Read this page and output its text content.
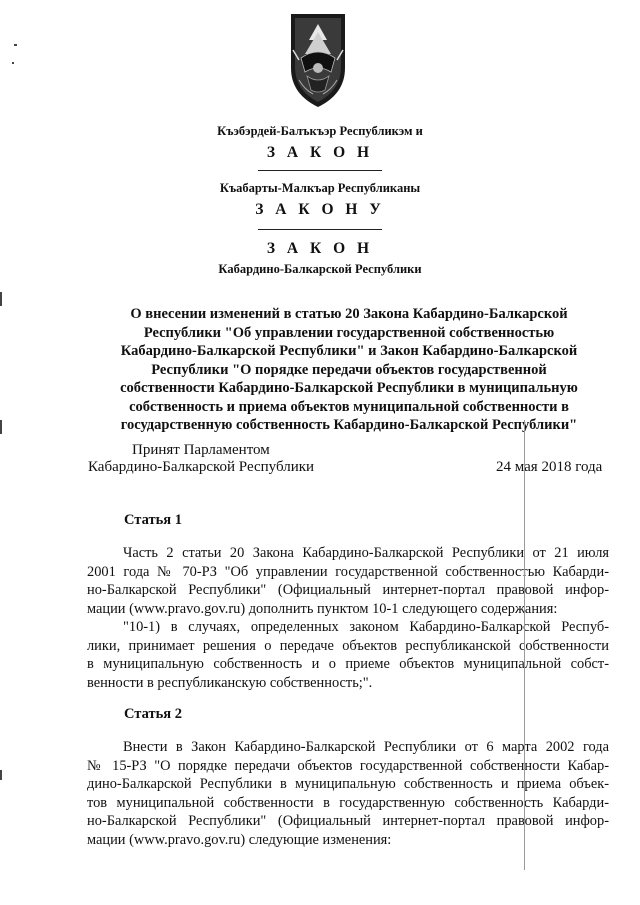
Къэбэрдей-Балъкъэр Республикэм и
З А К О Н
Къабарты-Малкъар Республиканы
З А К О Н У
З А К О Н
Кабардино-Балкарской Республики
О внесении изменений в статью 20 Закона Кабардино-Балкарской
Республики "Об управлении государственной собственностью
Кабардино-Балкарской Республики" и Закон Кабардино-Балкарской
Республики "О порядке передачи объектов государственной
собственности Кабардино-Балкарской Республики в муниципальную
собственность и приема объектов муниципальной собственности в
государственную собственность Кабардино-Балкарской Республики"
Принят Парламентом
Кабардино-Балкарской Республики	24 мая 2018 года
Статья 1
Часть 2 статьи 20 Закона Кабардино-Балкарской Республики от 21 июля
2001 года № 70-РЗ "Об управлении государственной собственностью Кабарди-
но-Балкарской Республики" (Официальный интернет-портал правовой инфор-
мации (www.pravo.gov.ru) дополнить пунктом 10-1 следующего содержания:
"10-1) в случаях, определенных законом Кабардино-Балкарской Респуб-
лики, принимает решения о передаче объектов республиканской собственности
в муниципальную собственность и о приеме объектов муниципальной собст-
венности в республиканскую собственность;".
Статья 2
Внести в Закон Кабардино-Балкарской Республики от 6 марта 2002 года
№ 15-РЗ "О порядке передачи объектов государственной собственности Кабар-
дино-Балкарской Республики в муниципальную собственность и приема объек-
тов муниципальной собственности в государственную собственность Кабарди-
но-Балкарской Республики" (Официальный интернет-портал правовой инфор-
мации (www.pravo.gov.ru) следующие изменения:
